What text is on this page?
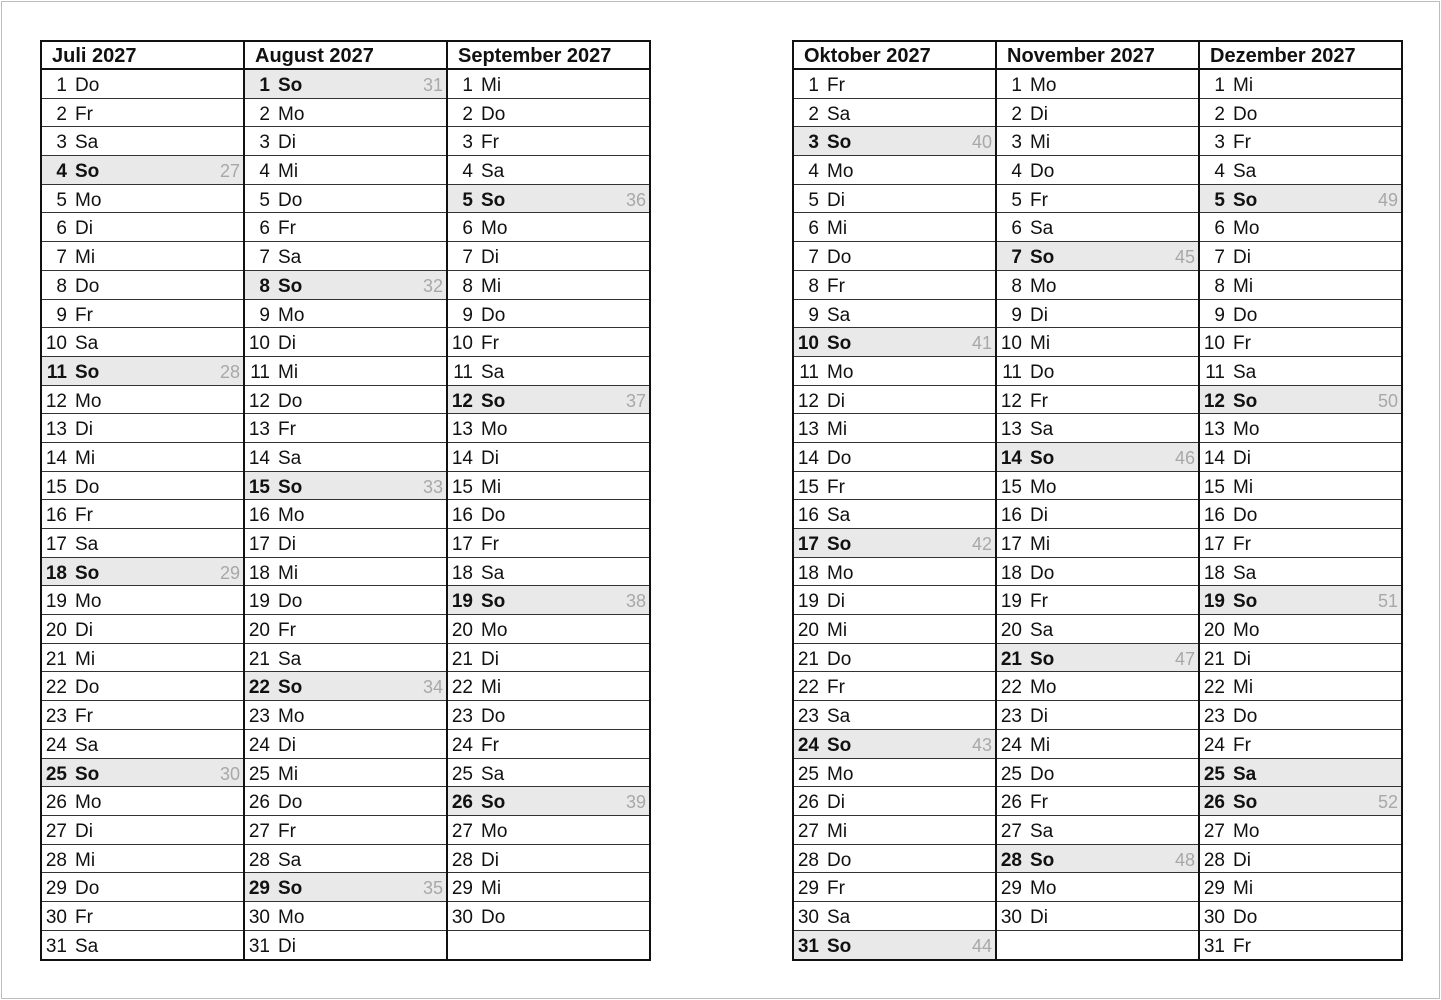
Juli 2027
1 Do
2 Fr
3 Sa
4 So	27
5 Mo
6 Di
7 Mi
8 Do
9 Fr
10 Sa
11 So	28
12 Mo
13 Di
14 Mi
15 Do
16 Fr
17 Sa
18 So	29
19 Mo
20 Di
21 Mi
22 Do
23 Fr
24 Sa
25 So	30
26 Mo
27 Di
28 Mi
29 Do
30 Fr
31 Sa
August 2027
1 So	31
2 Mo
3 Di
4 Mi
5 Do
6 Fr
7 Sa
8 So	32
9 Mo
10 Di
11 Mi
12 Do
13 Fr
14 Sa
15 So	33
16 Mo
17 Di
18 Mi
19 Do
20 Fr
21 Sa
22 So	34
23 Mo
24 Di
25 Mi
26 Do
27 Fr
28 Sa
29 So	35
30 Mo
31 Di
September 2027
1 Mi
2 Do
3 Fr
4 Sa
5 So	36
6 Mo
7 Di
8 Mi
9 Do
10 Fr
11 Sa
12 So	37
13 Mo
14 Di
15 Mi
16 Do
17 Fr
18 Sa
19 So	38
20 Mo
21 Di
22 Mi
23 Do
24 Fr
25 Sa
26 So	39
27 Mo
28 Di
29 Mi
30 Do
Oktober 2027
1 Fr
2 Sa
3 So	40
4 Mo
5 Di
6 Mi
7 Do
8 Fr
9 Sa
10 So	41
11 Mo
12 Di
13 Mi
14 Do
15 Fr
16 Sa
17 So	42
18 Mo
19 Di
20 Mi
21 Do
22 Fr
23 Sa
24 So	43
25 Mo
26 Di
27 Mi
28 Do
29 Fr
30 Sa
31 So	44
November 2027
1 Mo
2 Di
3 Mi
4 Do
5 Fr
6 Sa
7 So	45
8 Mo
9 Di
10 Mi
11 Do
12 Fr
13 Sa
14 So	46
15 Mo
16 Di
17 Mi
18 Do
19 Fr
20 Sa
21 So	47
22 Mo
23 Di
24 Mi
25 Do
26 Fr
27 Sa
28 So	48
29 Mo
30 Di
Dezember 2027
1 Mi
2 Do
3 Fr
4 Sa
5 So	49
6 Mo
7 Di
8 Mi
9 Do
10 Fr
11 Sa
12 So	50
13 Mo
14 Di
15 Mi
16 Do
17 Fr
18 Sa
19 So	51
20 Mo
21 Di
22 Mi
23 Do
24 Fr
25 Sa
26 So	52
27 Mo
28 Di
29 Mi
30 Do
31 Fr
